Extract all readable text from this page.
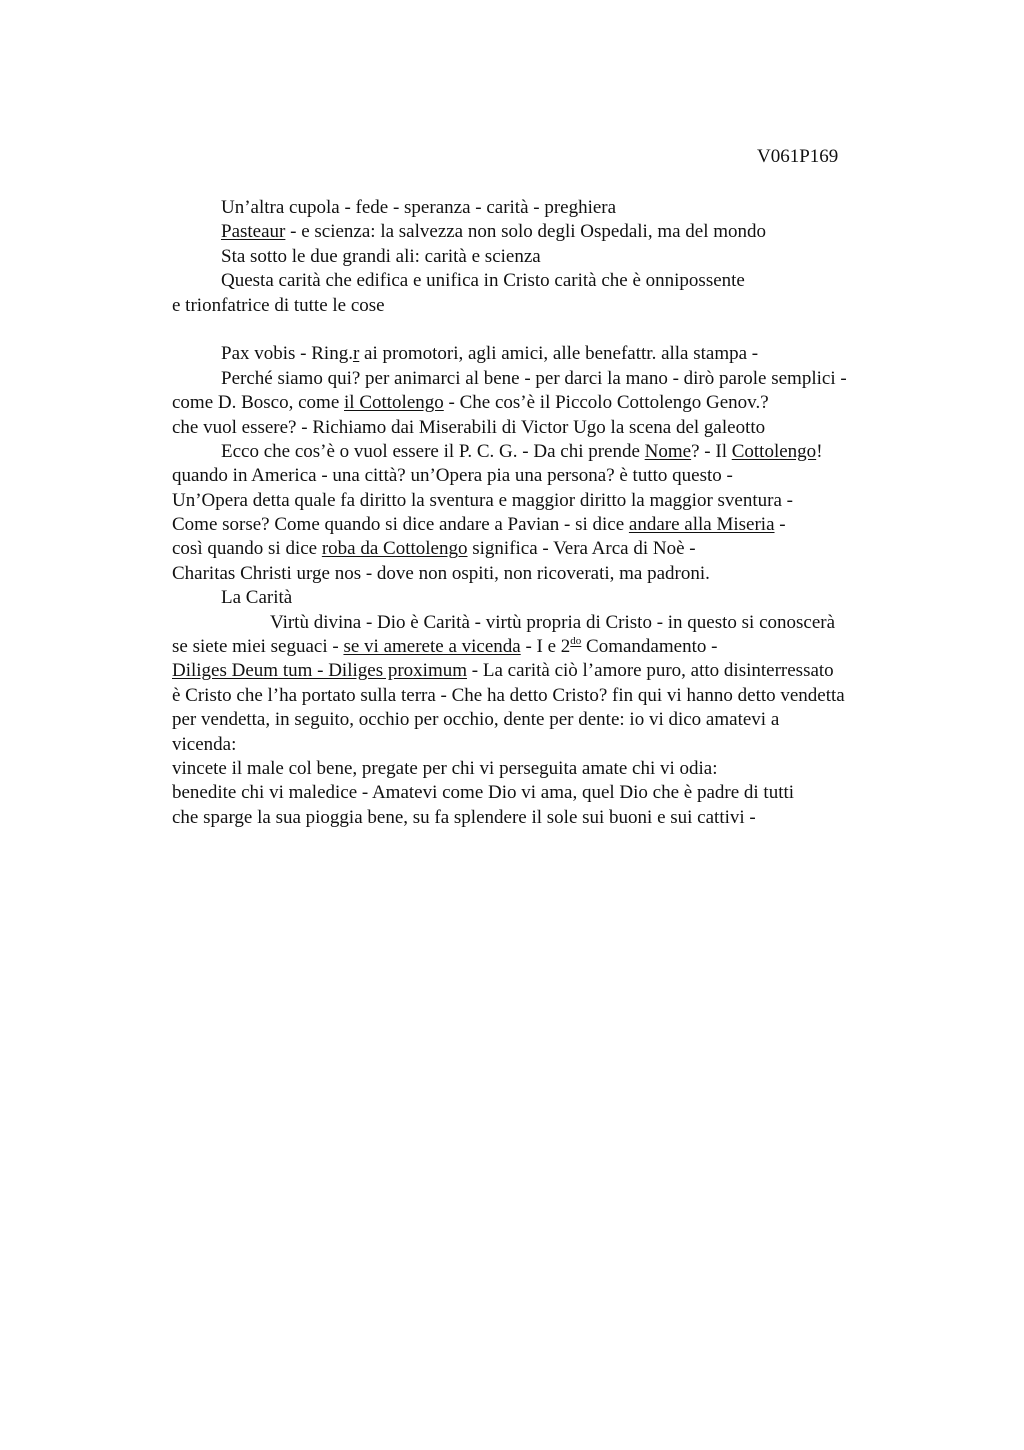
V061P169
Un’altra cupola - fede - speranza - carità - preghiera
Pasteaur - e scienza: la salvezza non solo degli Ospedali, ma del mondo
Sta sotto le due grandi ali: carità e scienza
Questa carità che edifica e unifica in Cristo carità che è onnipossente
e trionfatrice di tutte le cose
Pax vobis - Ring.r ai promotori, agli amici, alle benefattr. alla stampa -
Perché siamo qui? per animarci al bene - per darci la mano - dirò parole semplici -
come D. Bosco, come il Cottolengo - Che cos’è il Piccolo Cottolengo Genov.?
che vuol essere? - Richiamo dai Miserabili di Victor Ugo la scena del galeotto
Ecco che cos’è o vuol essere il P. C. G. - Da chi prende Nome? - Il Cottolengo!
quando in America - una città? un’Opera pia una persona? è tutto questo -
Un’Opera detta quale fa diritto la sventura e maggior diritto la maggior sventura -
Come sorse? Come quando si dice andare a Pavian - si dice andare alla Miseria -
così quando si dice roba da Cottolengo significa - Vera Arca di Noè -
Charitas Christi urge nos - dove non ospiti, non ricoverati, ma padroni.
La Carità
Virtù divina - Dio è Carità - virtù propria di Cristo - in questo si conoscerà
se siete miei seguaci - se vi amerete a vicenda - I e $2^{do}$ Comandamento -
Diliges Deum tum - Diliges proximum - La carità ciò l’amore puro, atto disinterressato
è Cristo che l’ha portato sulla terra - Che ha detto Cristo? fin qui vi hanno detto vendetta
per vendetta, in seguito, occhio per occhio, dente per dente: io vi dico amatevi a
vicenda:
vincete il male col bene, pregate per chi vi perseguita amate chi vi odia:
benedite chi vi maledice - Amatevi come Dio vi ama, quel Dio che è padre di tutti
che sparge la sua pioggia bene, su fa splendere il sole sui buoni e sui cattivi -
